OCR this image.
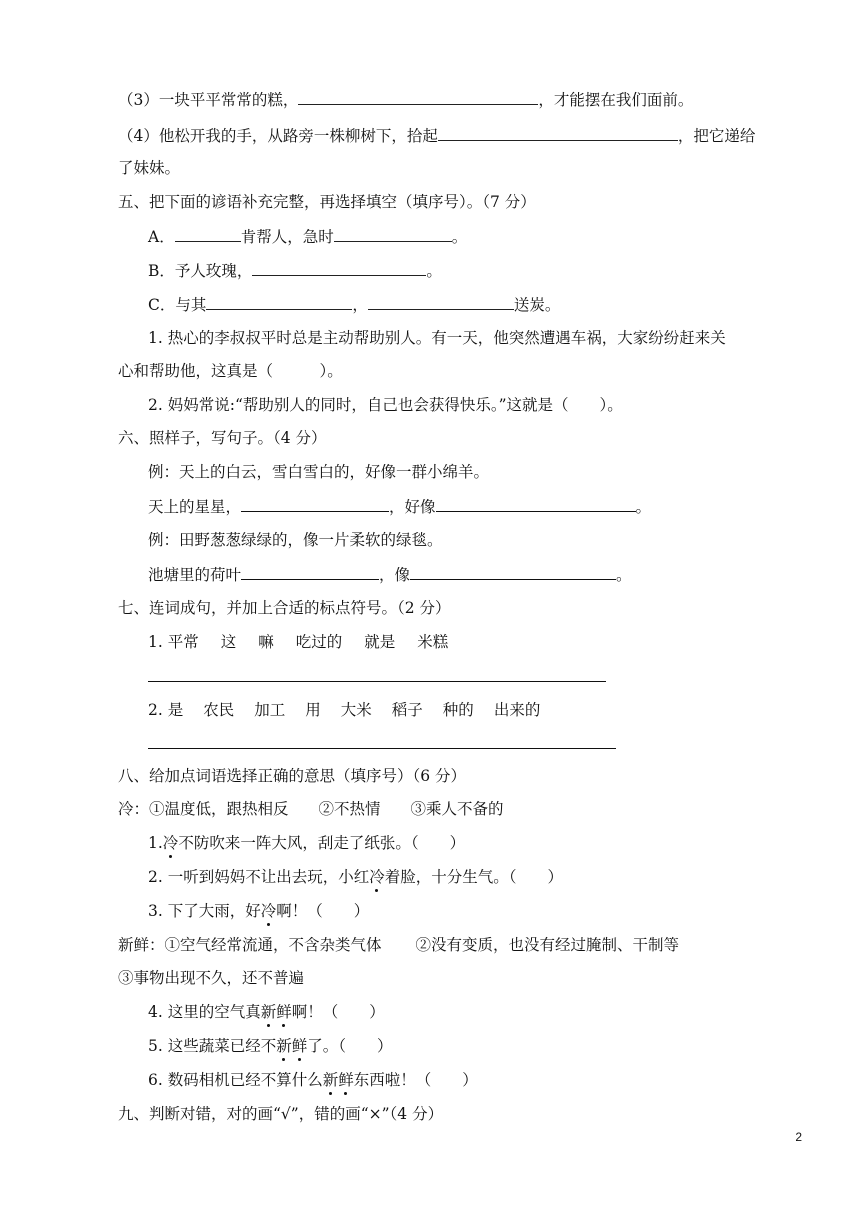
（3）一块平平常常的糕，	，才能摆在我们面前。
（4）他松开我的手，从路旁一株柳树下，拾起	，把它递给
了妹妹。
五、把下面的谚语补充完整，再选择填空（填序号）。（7 分）
A．	肯帮人，急时	。
B．予人玫瑰，	。
C．与其	，	送炭。
1. 热心的李叔叔平时总是主动帮助别人。有一天，他突然遭遇车祸，大家纷纷赶来关
心和帮助他，这真是（　　　）。
2. 妈妈常说:“帮助别人的同时，自己也会获得快乐。”这就是（　　）。
六、照样子，写句子。（4 分）
例：天上的白云，雪白雪白的，好像一群小绵羊。
天上的星星，	，好像	。
例：田野葱葱绿绿的，像一片柔软的绿毯。
池塘里的荷叶	，像	。
七、连词成句，并加上合适的标点符号。（2 分）
1. 平常 这 嘛 吃过的 就是 米糕
2. 是 农民 加工 用 大米 稻子 种的 出来的
八、给加点词语选择正确的意思（填序号）（6 分）
冷：①温度低，跟热相反 ②不热情 ③乘人不备的
1.冷不防吹来一阵大风，刮走了纸张。（　　）
2. 一听到妈妈不让出去玩，小红冷着脸，十分生气。（　　）
3. 下了大雨，好冷啊！（　　）
新鲜：①空气经常流通，不含杂类气体 ②没有变质，也没有经过腌制、干制等
③事物出现不久，还不普遍
4. 这里的空气真新鲜啊！（　　）
5. 这些蔬菜已经不新鲜了。（　　）
6. 数码相机已经不算什么新鲜东西啦！（　　）
九、判断对错，对的画“√”，错的画“×”（4 分）
2
